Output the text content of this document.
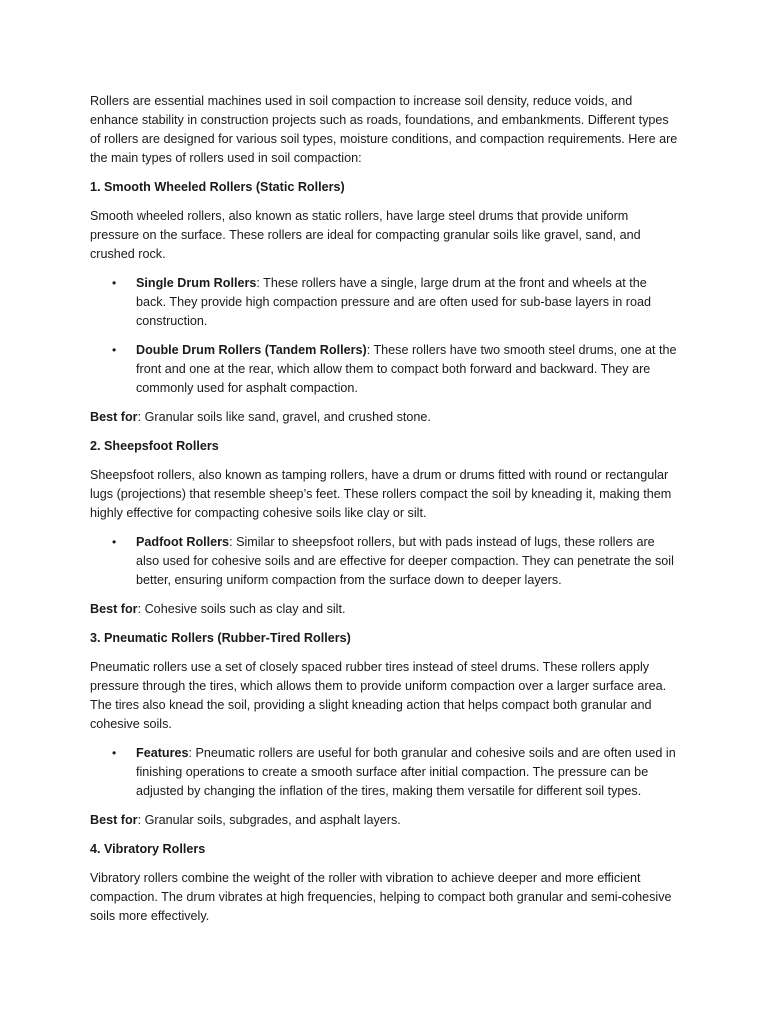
Rollers are essential machines used in soil compaction to increase soil density, reduce voids, and enhance stability in construction projects such as roads, foundations, and embankments. Different types of rollers are designed for various soil types, moisture conditions, and compaction requirements. Here are the main types of rollers used in soil compaction:

1. Smooth Wheeled Rollers (Static Rollers)

Smooth wheeled rollers, also known as static rollers, have large steel drums that provide uniform pressure on the surface. These rollers are ideal for compacting granular soils like gravel, sand, and crushed rock.

• Single Drum Rollers: These rollers have a single, large drum at the front and wheels at the back. They provide high compaction pressure and are often used for sub-base layers in road construction.
• Double Drum Rollers (Tandem Rollers): These rollers have two smooth steel drums, one at the front and one at the rear, which allow them to compact both forward and backward. They are commonly used for asphalt compaction.

Best for: Granular soils like sand, gravel, and crushed stone.

2. Sheepsfoot Rollers

Sheepsfoot rollers, also known as tamping rollers, have a drum or drums fitted with round or rectangular lugs (projections) that resemble sheep’s feet. These rollers compact the soil by kneading it, making them highly effective for compacting cohesive soils like clay or silt.

• Padfoot Rollers: Similar to sheepsfoot rollers, but with pads instead of lugs, these rollers are also used for cohesive soils and are effective for deeper compaction. They can penetrate the soil better, ensuring uniform compaction from the surface down to deeper layers.

Best for: Cohesive soils such as clay and silt.

3. Pneumatic Rollers (Rubber-Tired Rollers)

Pneumatic rollers use a set of closely spaced rubber tires instead of steel drums. These rollers apply pressure through the tires, which allows them to provide uniform compaction over a larger surface area. The tires also knead the soil, providing a slight kneading action that helps compact both granular and cohesive soils.

• Features: Pneumatic rollers are useful for both granular and cohesive soils and are often used in finishing operations to create a smooth surface after initial compaction. The pressure can be adjusted by changing the inflation of the tires, making them versatile for different soil types.

Best for: Granular soils, subgrades, and asphalt layers.

4. Vibratory Rollers

Vibratory rollers combine the weight of the roller with vibration to achieve deeper and more efficient compaction. The drum vibrates at high frequencies, helping to compact both granular and semi-cohesive soils more effectively.
